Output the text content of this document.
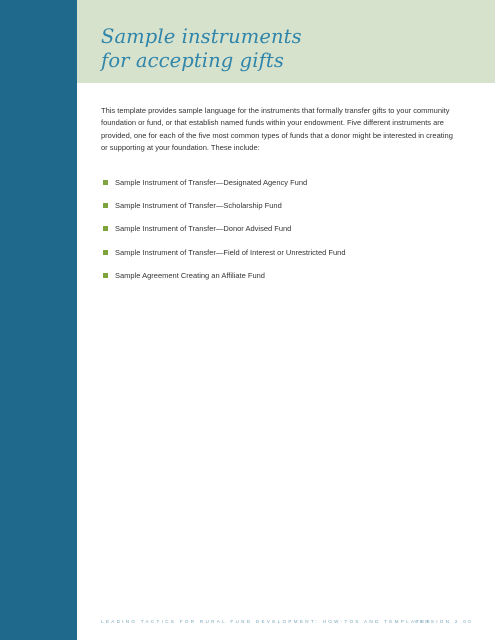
Sample instruments
for accepting gifts

This template provides sample language for the instruments that formally transfer gifts to your community foundation or fund, or that establish named funds within your endowment. Five different instruments are provided, one for each of the five most common types of funds that a donor might be interested in creating or supporting at your foundation. These include:

Sample Instrument of Transfer—Designated Agency Fund
Sample Instrument of Transfer—Scholarship Fund
Sample Instrument of Transfer—Donor Advised Fund
Sample Instrument of Transfer—Field of Interest or Unrestricted Fund
Sample Agreement Creating an Affiliate Fund
LEADING TACTICS FOR RURAL FUND DEVELOPMENT: HOW-TOS AND TEMPLATES
VERSION 2.00
